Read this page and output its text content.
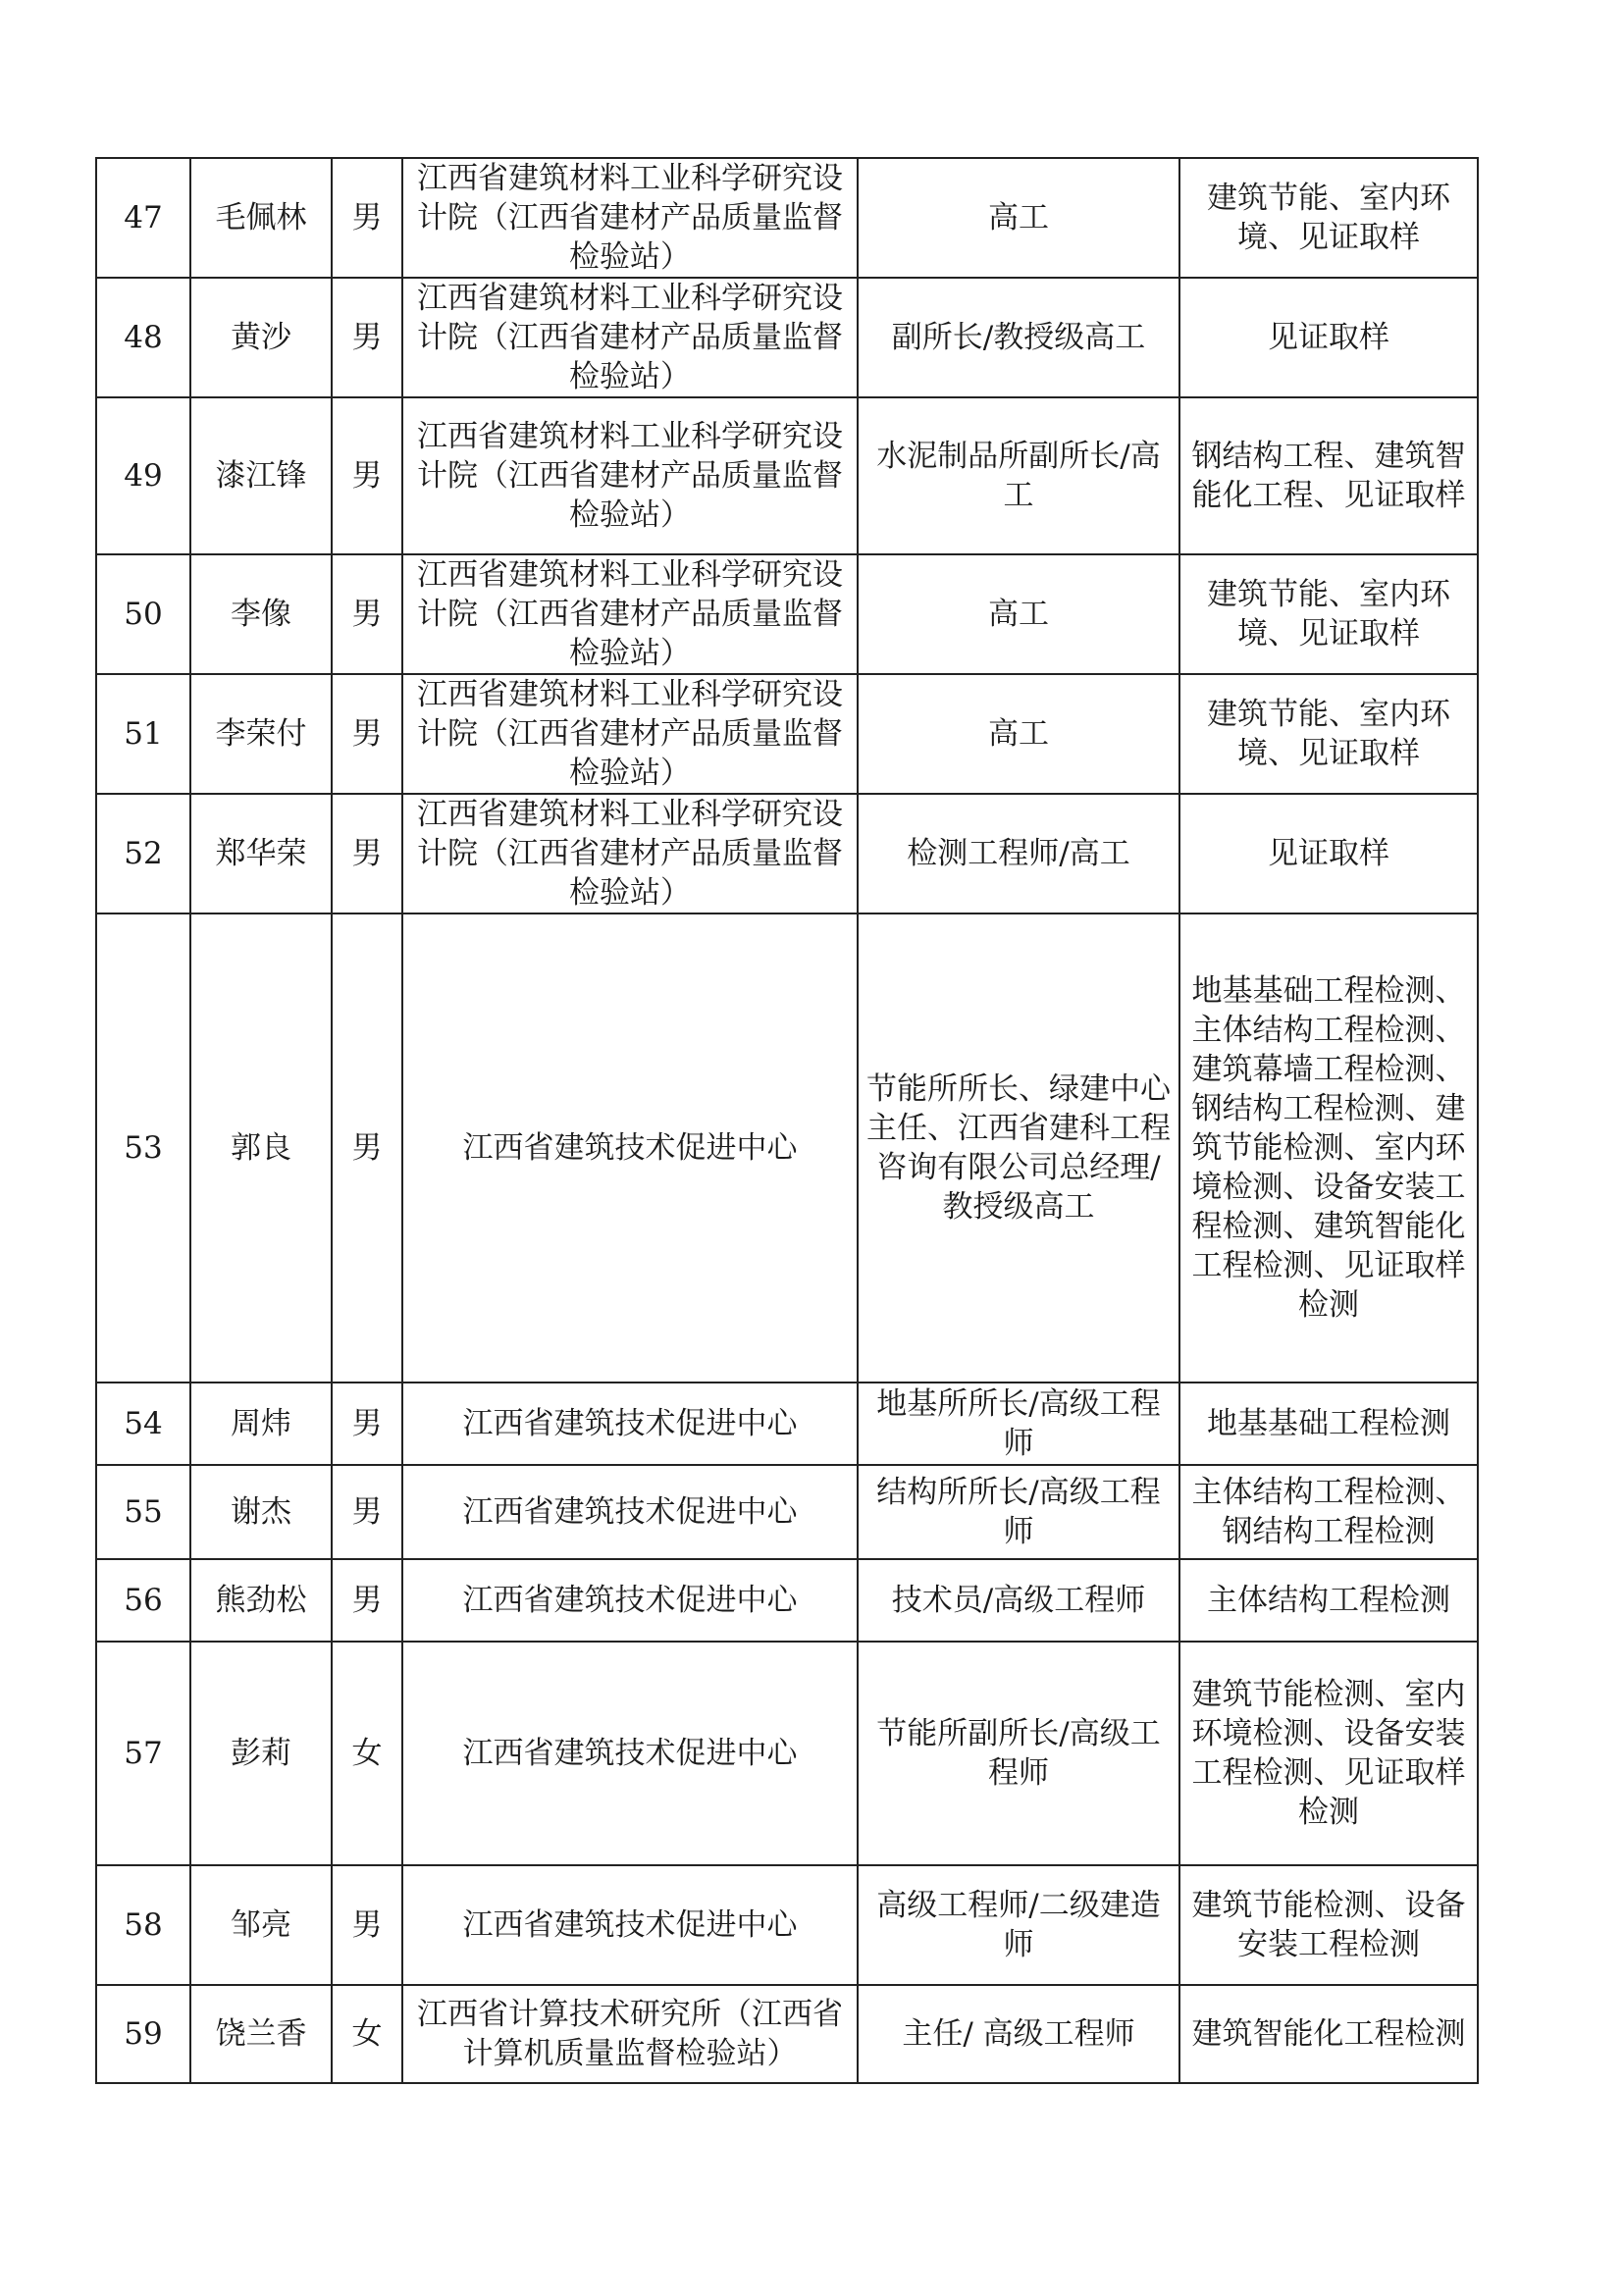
47	毛佩林	男	江西省建筑材料工业科学研究设计院（江西省建材产品质量监督检验站）	高工	建筑节能、室内环境、见证取样
48	黄沙	男	江西省建筑材料工业科学研究设计院（江西省建材产品质量监督检验站）	副所长/教授级高工	见证取样
49	漆江锋	男	江西省建筑材料工业科学研究设计院（江西省建材产品质量监督检验站）	水泥制品所副所长/高工	钢结构工程、建筑智能化工程、见证取样
50	李像	男	江西省建筑材料工业科学研究设计院（江西省建材产品质量监督检验站）	高工	建筑节能、室内环境、见证取样
51	李荣付	男	江西省建筑材料工业科学研究设计院（江西省建材产品质量监督检验站）	高工	建筑节能、室内环境、见证取样
52	郑华荣	男	江西省建筑材料工业科学研究设计院（江西省建材产品质量监督检验站）	检测工程师/高工	见证取样
53	郭良	男	江西省建筑技术促进中心	节能所所长、绿建中心主任、江西省建科工程咨询有限公司总经理/教授级高工	地基基础工程检测、主体结构工程检测、建筑幕墙工程检测、钢结构工程检测、建筑节能检测、室内环境检测、设备安装工程检测、建筑智能化工程检测、见证取样检测
54	周炜	男	江西省建筑技术促进中心	地基所所长/高级工程师	地基基础工程检测
55	谢杰	男	江西省建筑技术促进中心	结构所所长/高级工程师	主体结构工程检测、钢结构工程检测
56	熊劲松	男	江西省建筑技术促进中心	技术员/高级工程师	主体结构工程检测
57	彭莉	女	江西省建筑技术促进中心	节能所副所长/高级工程师	建筑节能检测、室内环境检测、设备安装工程检测、见证取样检测
58	邹亮	男	江西省建筑技术促进中心	高级工程师/二级建造师	建筑节能检测、设备安装工程检测
59	饶兰香	女	江西省计算技术研究所（江西省计算机质量监督检验站）	主任/ 高级工程师	建筑智能化工程检测
